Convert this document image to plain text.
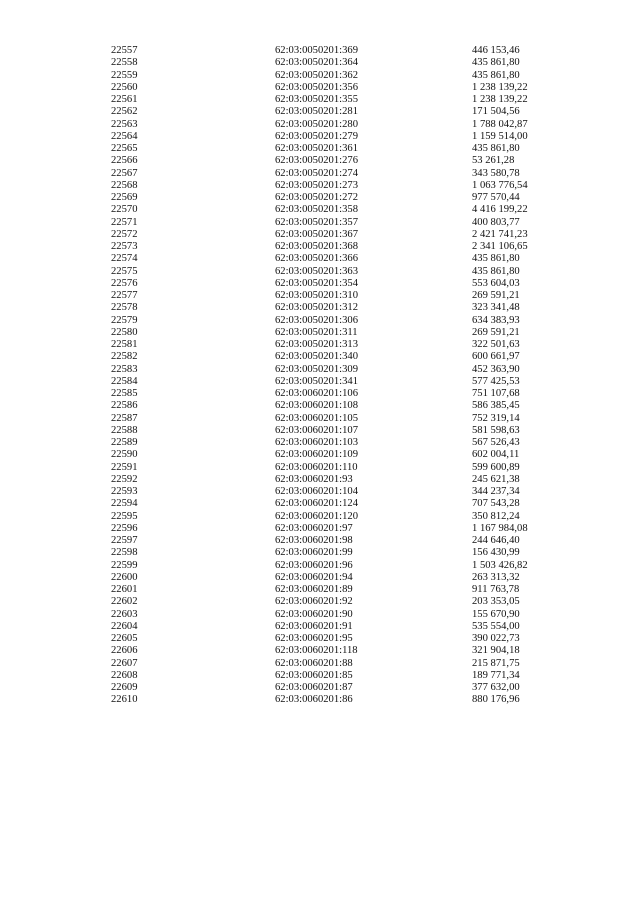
22557	62:03:0050201:369	446 153,46
22558	62:03:0050201:364	435 861,80
22559	62:03:0050201:362	435 861,80
22560	62:03:0050201:356	1 238 139,22
22561	62:03:0050201:355	1 238 139,22
22562	62:03:0050201:281	171 504,56
22563	62:03:0050201:280	1 788 042,87
22564	62:03:0050201:279	1 159 514,00
22565	62:03:0050201:361	435 861,80
22566	62:03:0050201:276	53 261,28
22567	62:03:0050201:274	343 580,78
22568	62:03:0050201:273	1 063 776,54
22569	62:03:0050201:272	977 570,44
22570	62:03:0050201:358	4 416 199,22
22571	62:03:0050201:357	400 803,77
22572	62:03:0050201:367	2 421 741,23
22573	62:03:0050201:368	2 341 106,65
22574	62:03:0050201:366	435 861,80
22575	62:03:0050201:363	435 861,80
22576	62:03:0050201:354	553 604,03
22577	62:03:0050201:310	269 591,21
22578	62:03:0050201:312	323 341,48
22579	62:03:0050201:306	634 383,93
22580	62:03:0050201:311	269 591,21
22581	62:03:0050201:313	322 501,63
22582	62:03:0050201:340	600 661,97
22583	62:03:0050201:309	452 363,90
22584	62:03:0050201:341	577 425,53
22585	62:03:0060201:106	751 107,68
22586	62:03:0060201:108	586 385,45
22587	62:03:0060201:105	752 319,14
22588	62:03:0060201:107	581 598,63
22589	62:03:0060201:103	567 526,43
22590	62:03:0060201:109	602 004,11
22591	62:03:0060201:110	599 600,89
22592	62:03:0060201:93	245 621,38
22593	62:03:0060201:104	344 237,34
22594	62:03:0060201:124	707 543,28
22595	62:03:0060201:120	350 812,24
22596	62:03:0060201:97	1 167 984,08
22597	62:03:0060201:98	244 646,40
22598	62:03:0060201:99	156 430,99
22599	62:03:0060201:96	1 503 426,82
22600	62:03:0060201:94	263 313,32
22601	62:03:0060201:89	911 763,78
22602	62:03:0060201:92	203 353,05
22603	62:03:0060201:90	155 670,90
22604	62:03:0060201:91	535 554,00
22605	62:03:0060201:95	390 022,73
22606	62:03:0060201:118	321 904,18
22607	62:03:0060201:88	215 871,75
22608	62:03:0060201:85	189 771,34
22609	62:03:0060201:87	377 632,00
22610	62:03:0060201:86	880 176,96
